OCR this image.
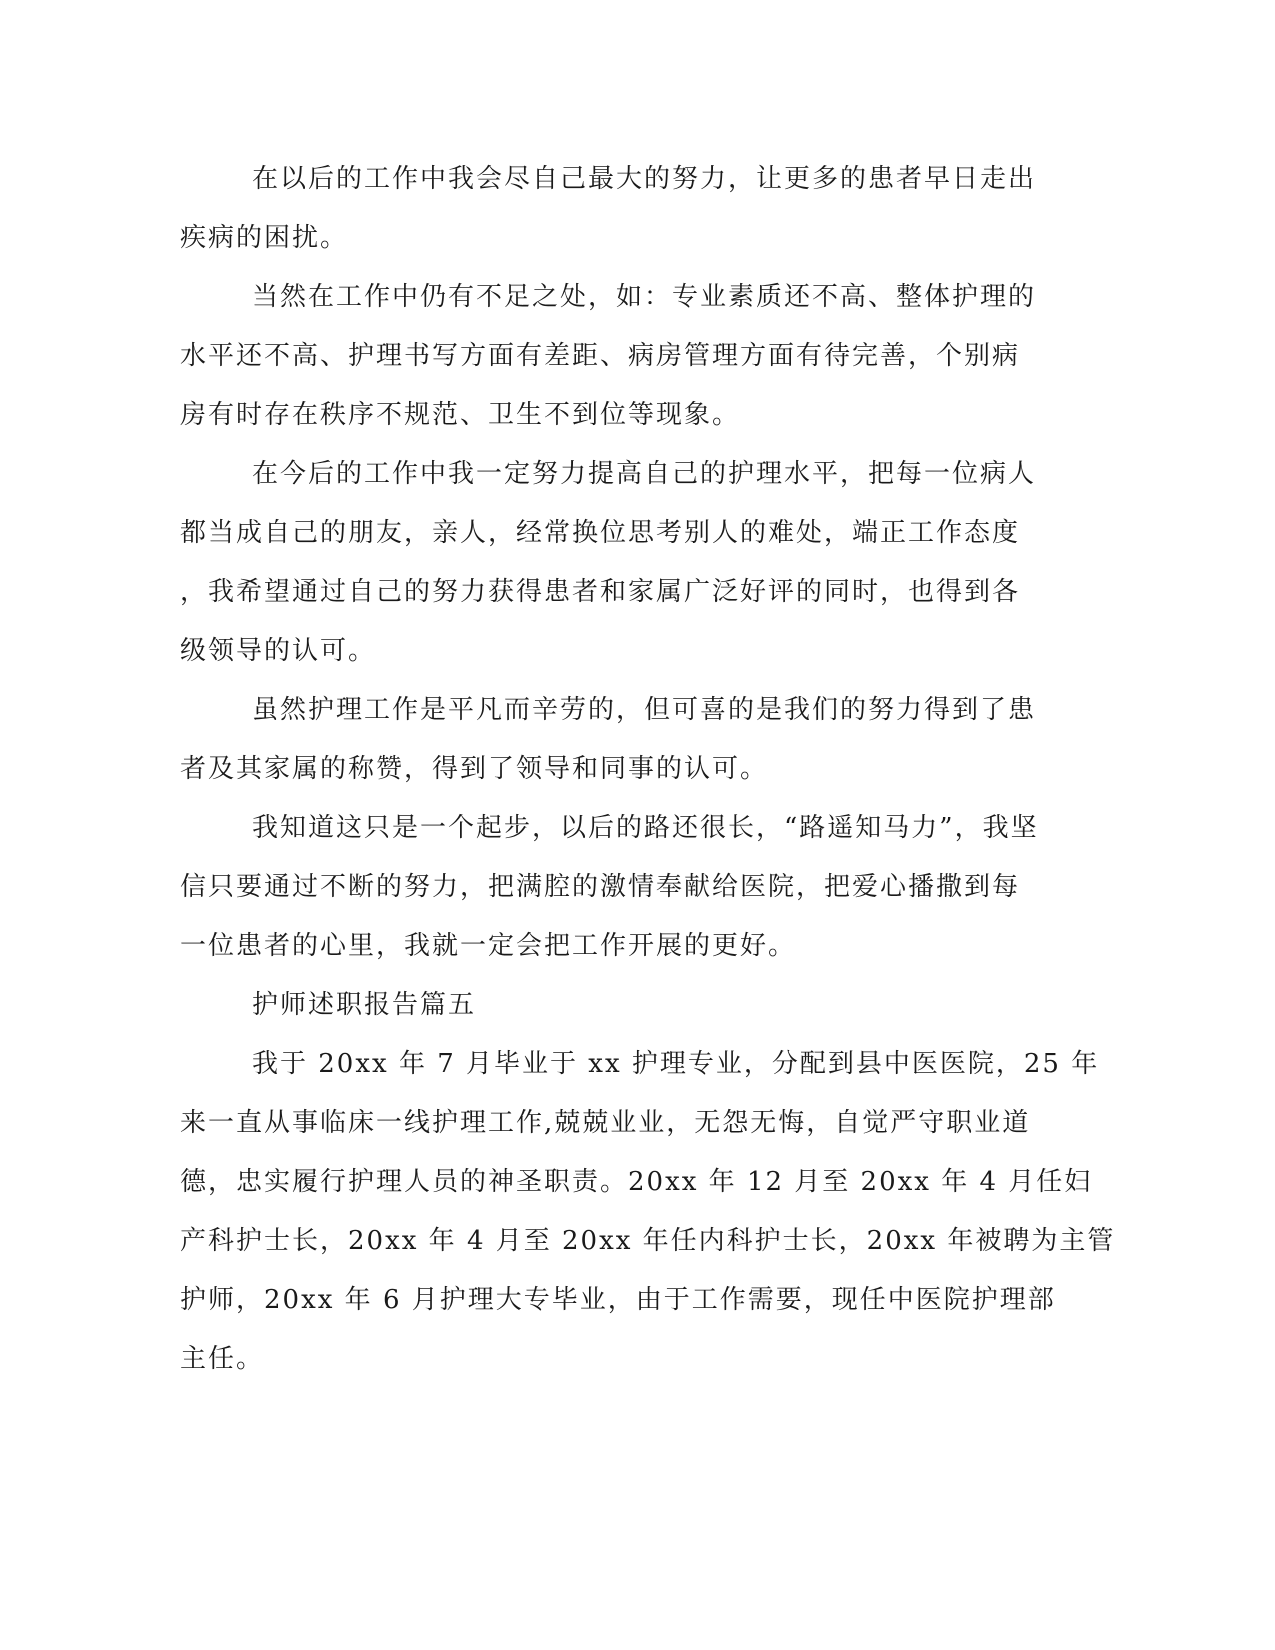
在以后的工作中我会尽自己最大的努力，让更多的患者早日走出
疾病的困扰。

当然在工作中仍有不足之处，如：专业素质还不高、整体护理的
水平还不高、护理书写方面有差距、病房管理方面有待完善，个别病
房有时存在秩序不规范、卫生不到位等现象。

在今后的工作中我一定努力提高自己的护理水平，把每一位病人
都当成自己的朋友，亲人，经常换位思考别人的难处，端正工作态度
，我希望通过自己的努力获得患者和家属广泛好评的同时，也得到各
级领导的认可。

虽然护理工作是平凡而辛劳的，但可喜的是我们的努力得到了患
者及其家属的称赞，得到了领导和同事的认可。

我知道这只是一个起步，以后的路还很长，“路遥知马力”，我坚
信只要通过不断的努力，把满腔的激情奉献给医院，把爱心播撒到每
一位患者的心里，我就一定会把工作开展的更好。

护师述职报告篇五

我于 20xx 年 7 月毕业于 xx 护理专业，分配到县中医医院，25 年
来一直从事临床一线护理工作,兢兢业业，无怨无悔，自觉严守职业道
德，忠实履行护理人员的神圣职责。20xx 年 12 月至 20xx 年 4 月任妇
产科护士长，20xx 年 4 月至 20xx 年任内科护士长，20xx 年被聘为主管
护师，20xx 年 6 月护理大专毕业，由于工作需要，现任中医院护理部
主任。
